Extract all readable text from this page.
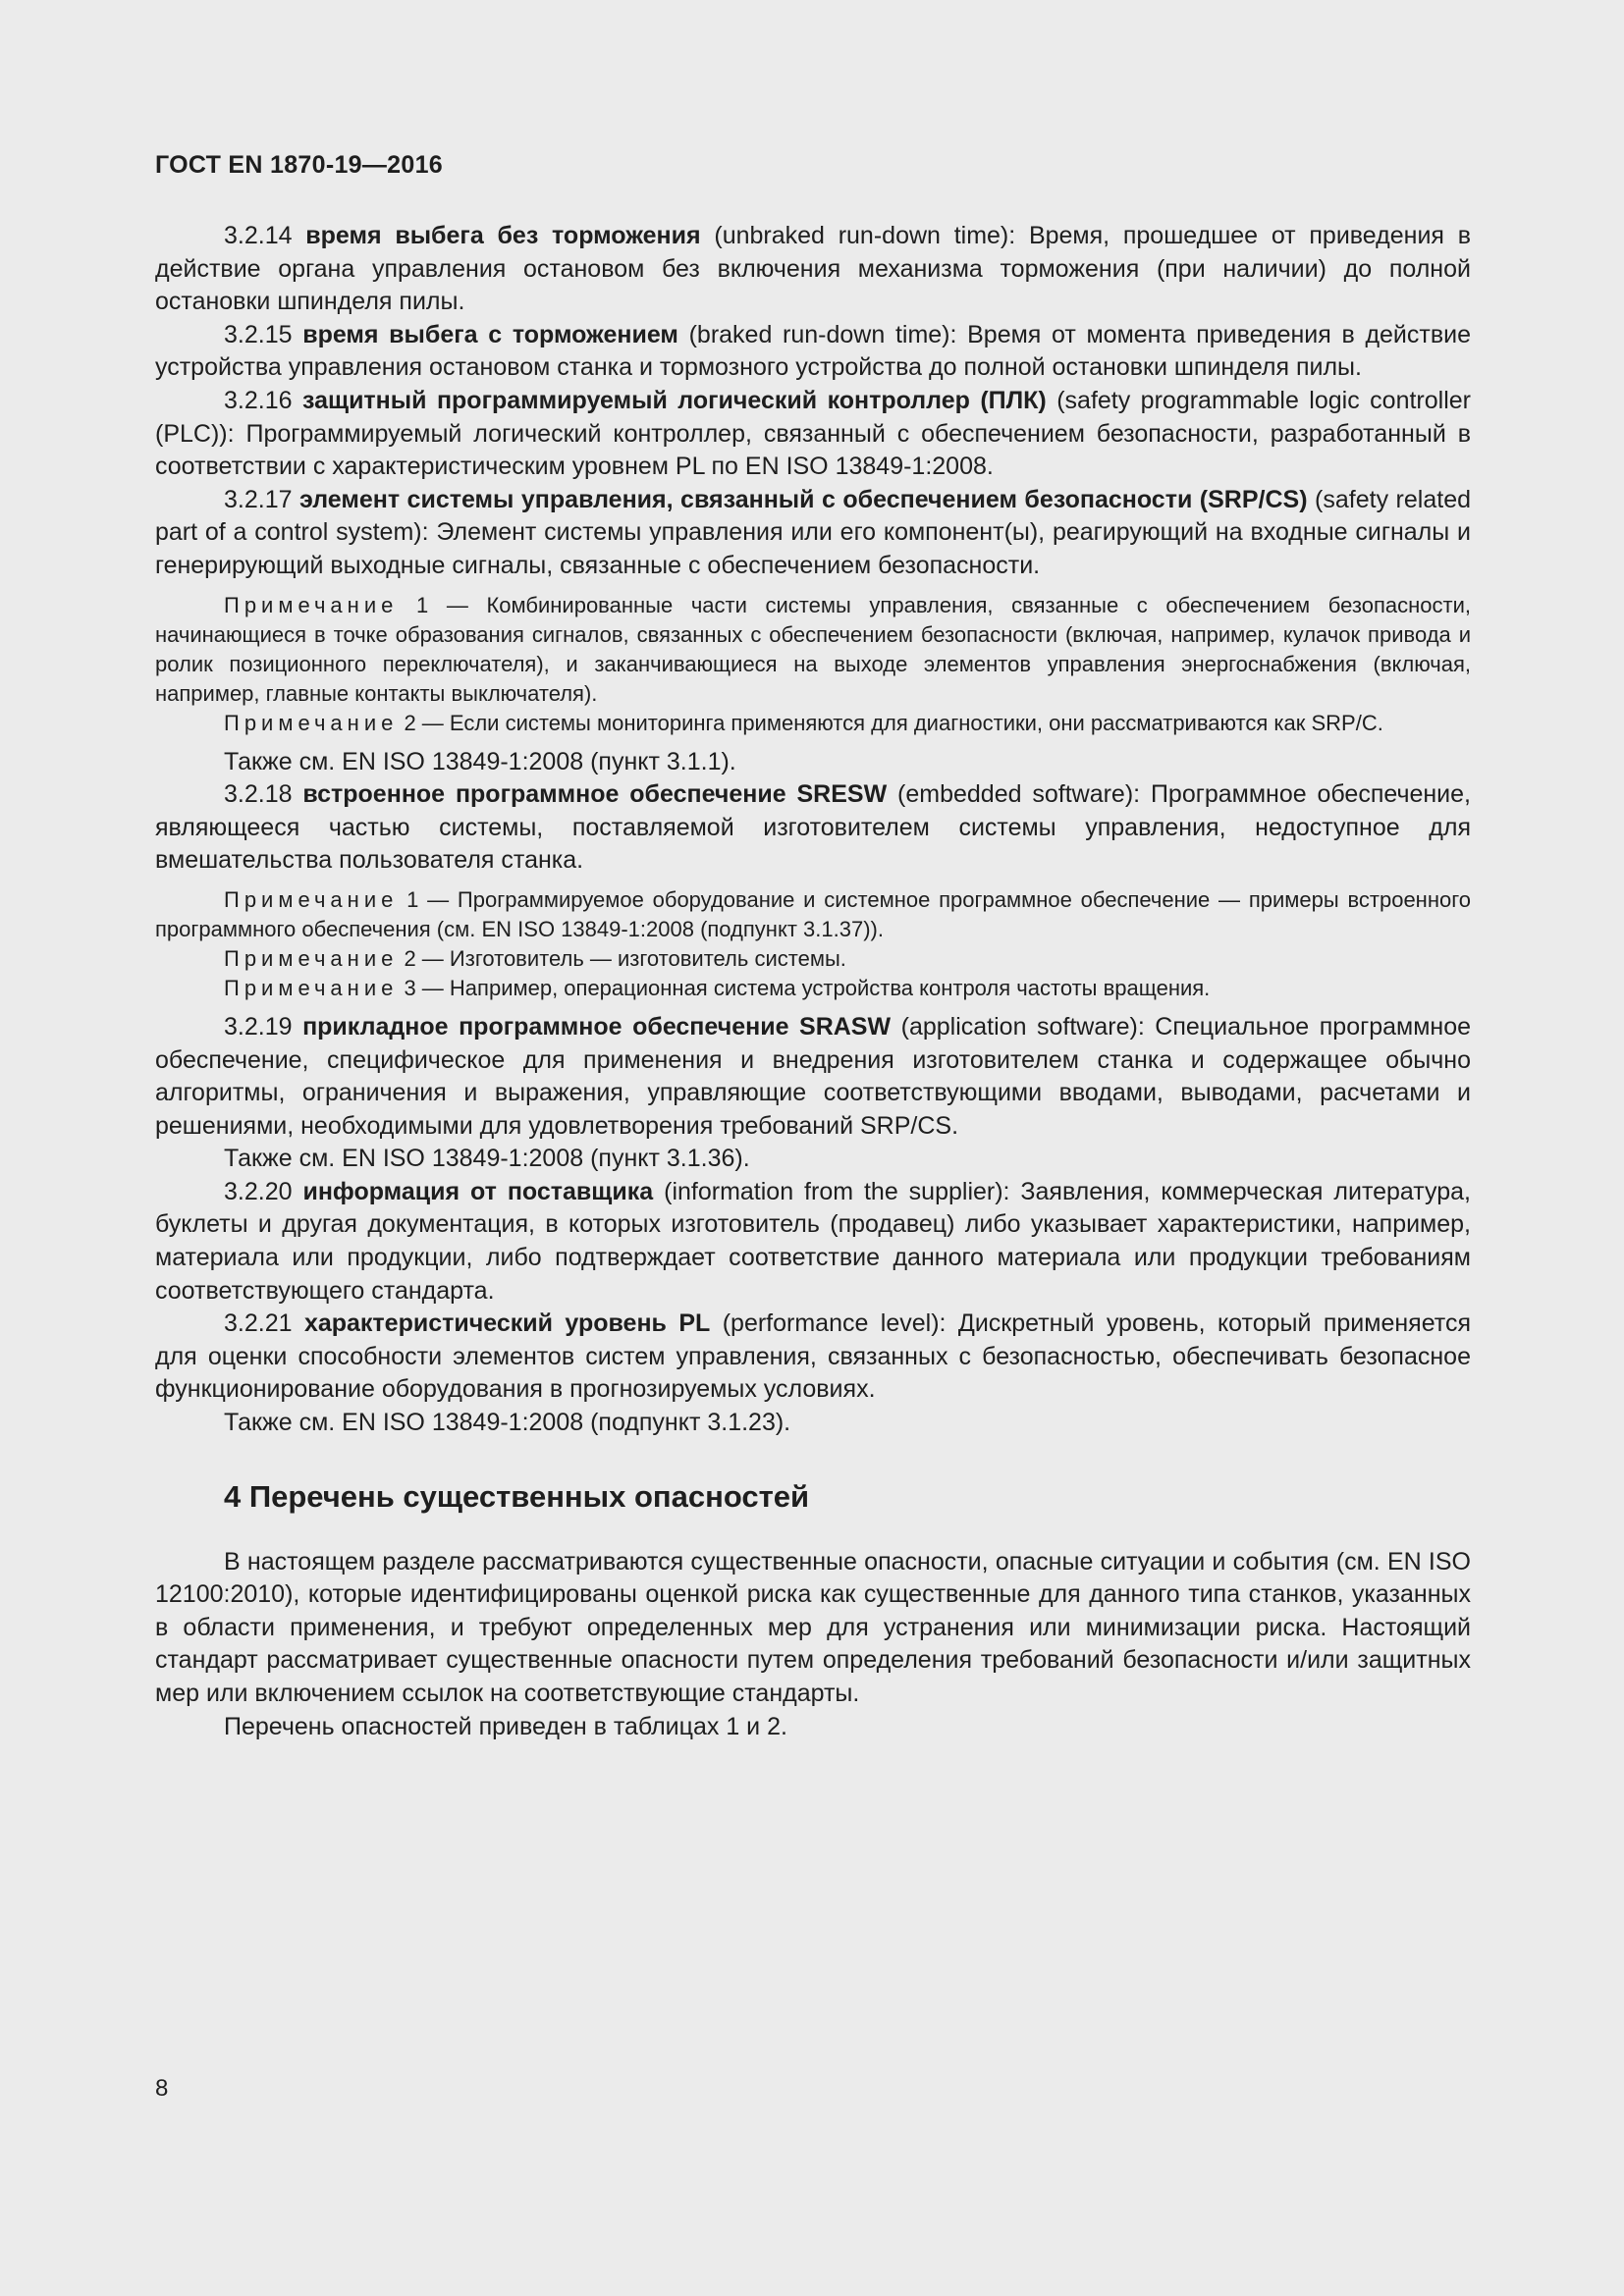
ГОСТ EN 1870-19—2016

3.2.14 время выбега без торможения (unbraked run-down time): Время, прошедшее от приведения в действие органа управления остановом без включения механизма торможения (при наличии) до полной остановки шпинделя пилы.

3.2.15 время выбега с торможением (braked run-down time): Время от момента приведения в действие устройства управления остановом станка и тормозного устройства до полной остановки шпинделя пилы.

3.2.16 защитный программируемый логический контроллер (ПЛК) (safety programmable logic controller (PLC)): Программируемый логический контроллер, связанный с обеспечением безопасности, разработанный в соответствии с характеристическим уровнем PL по EN ISO 13849-1:2008.

3.2.17 элемент системы управления, связанный с обеспечением безопасности (SRP/CS) (safety related part of a control system): Элемент системы управления или его компонент(ы), реагирующий на входные сигналы и генерирующий выходные сигналы, связанные с обеспечением безопасности.

Примечание 1 — Комбинированные части системы управления, связанные с обеспечением безопасности, начинающиеся в точке образования сигналов, связанных с обеспечением безопасности (включая, например, кулачок привода и ролик позиционного переключателя), и заканчивающиеся на выходе элементов управления энергоснабжения (включая, например, главные контакты выключателя).

Примечание 2 — Если системы мониторинга применяются для диагностики, они рассматриваются как SRP/C.

Также см. EN ISO 13849-1:2008 (пункт 3.1.1).

3.2.18 встроенное программное обеспечение SRESW (embedded software): Программное обеспечение, являющееся частью системы, поставляемой изготовителем системы управления, недоступное для вмешательства пользователя станка.

Примечание 1 — Программируемое оборудование и системное программное обеспечение — примеры встроенного программного обеспечения (см. EN ISO 13849-1:2008 (подпункт 3.1.37)).

Примечание 2 — Изготовитель — изготовитель системы.

Примечание 3 — Например, операционная система устройства контроля частоты вращения.

3.2.19 прикладное программное обеспечение SRASW (application software): Специальное программное обеспечение, специфическое для применения и внедрения изготовителем станка и содержащее обычно алгоритмы, ограничения и выражения, управляющие соответствующими вводами, выводами, расчетами и решениями, необходимыми для удовлетворения требований SRP/CS.

Также см. EN ISO 13849-1:2008 (пункт 3.1.36).

3.2.20 информация от поставщика (information from the supplier): Заявления, коммерческая литература, буклеты и другая документация, в которых изготовитель (продавец) либо указывает характеристики, например, материала или продукции, либо подтверждает соответствие данного материала или продукции требованиям соответствующего стандарта.

3.2.21 характеристический уровень PL (performance level): Дискретный уровень, который применяется для оценки способности элементов систем управления, связанных с безопасностью, обеспечивать безопасное функционирование оборудования в прогнозируемых условиях.

Также см. EN ISO 13849-1:2008 (подпункт 3.1.23).

4 Перечень существенных опасностей

В настоящем разделе рассматриваются существенные опасности, опасные ситуации и события (см. EN ISO 12100:2010), которые идентифицированы оценкой риска как существенные для данного типа станков, указанных в области применения, и требуют определенных мер для устранения или минимизации риска. Настоящий стандарт рассматривает существенные опасности путем определения требований безопасности и/или защитных мер или включением ссылок на соответствующие стандарты.

Перечень опасностей приведен в таблицах 1 и 2.

8
